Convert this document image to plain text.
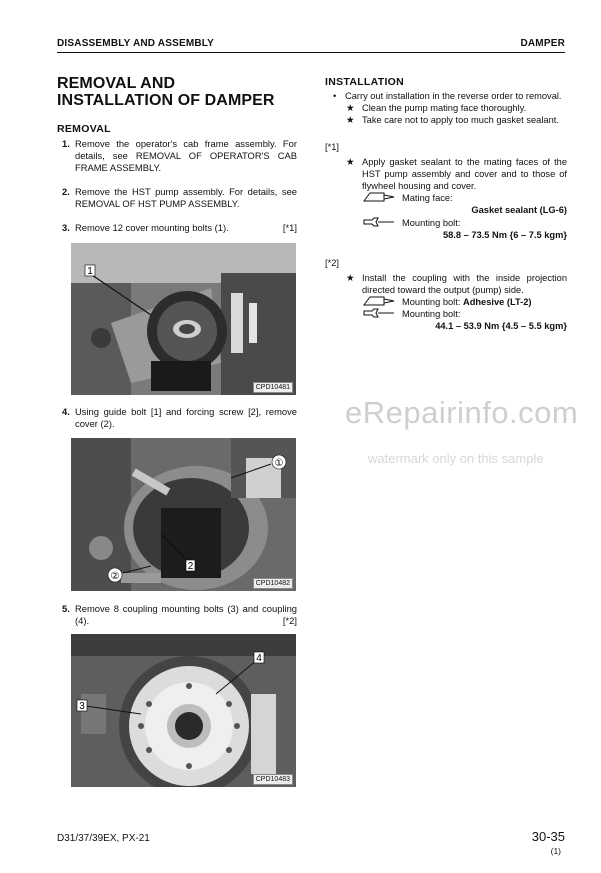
DISASSEMBLY AND ASSEMBLY	DAMPER
REMOVAL AND
INSTALLATION OF DAMPER
REMOVAL
1. Remove the operator's cab frame assembly. For details, see REMOVAL OF OPERATOR'S CAB FRAME ASSEMBLY.
2. Remove the HST pump assembly. For details, see REMOVAL OF HST PUMP ASSEMBLY.
3. Remove 12 cover mounting bolts (1).	[*1]
1
CPD10481
4. Using guide bolt [1] and forcing screw [2], remove cover (2).
①
②
2
CPD10482
5. Remove 8 coupling mounting bolts (3) and coupling (4).	[*2]
4
3
CPD10483
INSTALLATION
• Carry out installation in the reverse order to removal.
★ Clean the pump mating face thoroughly.
★ Take care not to apply too much gasket sealant.
[*1]
★ Apply gasket sealant to the mating faces of the HST pump assembly and cover and to those of flywheel housing and cover.
Mating face:
Gasket sealant (LG-6)
Mounting bolt:
58.8 – 73.5 Nm {6 – 7.5 kgm}
[*2]
★ Install the coupling with the inside projection directed toward the output (pump) side.
Mounting bolt: Adhesive (LT-2)
Mounting bolt:
44.1 – 53.9 Nm {4.5 – 5.5 kgm}
eRepairinfo.com
watermark only on this sample
D31/37/39EX, PX-21	30-35
(1)
